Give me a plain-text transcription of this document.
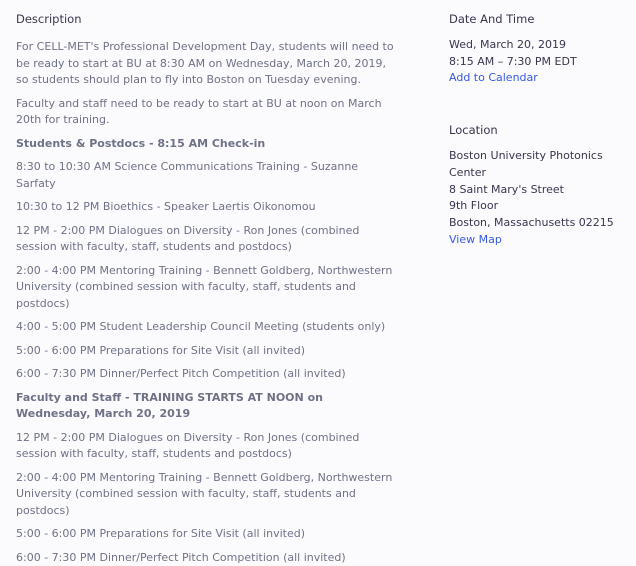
Description

For CELL-MET's Professional Development Day, students will need to be ready to start at BU at 8:30 AM on Wednesday, March 20, 2019, so students should plan to fly into Boston on Tuesday evening.

Faculty and staff need to be ready to start at BU at noon on March 20th for training.

Students & Postdocs - 8:15 AM Check-in

8:30 to 10:30 AM Science Communications Training - Suzanne Sarfaty

10:30 to 12 PM Bioethics - Speaker Laertis Oikonomou

12 PM - 2:00 PM Dialogues on Diversity - Ron Jones (combined session with faculty, staff, students and postdocs)

2:00 - 4:00 PM Mentoring Training - Bennett Goldberg, Northwestern University (combined session with faculty, staff, students and postdocs)

4:00 - 5:00 PM Student Leadership Council Meeting (students only)

5:00 - 6:00 PM Preparations for Site Visit (all invited)

6:00 - 7:30 PM Dinner/Perfect Pitch Competition (all invited)

Faculty and Staff - TRAINING STARTS AT NOON on Wednesday, March 20, 2019

12 PM - 2:00 PM Dialogues on Diversity - Ron Jones (combined session with faculty, staff, students and postdocs)

2:00 - 4:00 PM Mentoring Training - Bennett Goldberg, Northwestern University (combined session with faculty, staff, students and postdocs)

5:00 - 6:00 PM Preparations for Site Visit (all invited)

6:00 - 7:30 PM Dinner/Perfect Pitch Competition (all invited)

Date And Time
Wed, March 20, 2019
8:15 AM – 7:30 PM EDT
Add to Calendar
Location
Boston University Photonics Center
8 Saint Mary's Street
9th Floor
Boston, Massachusetts 02215
View Map
